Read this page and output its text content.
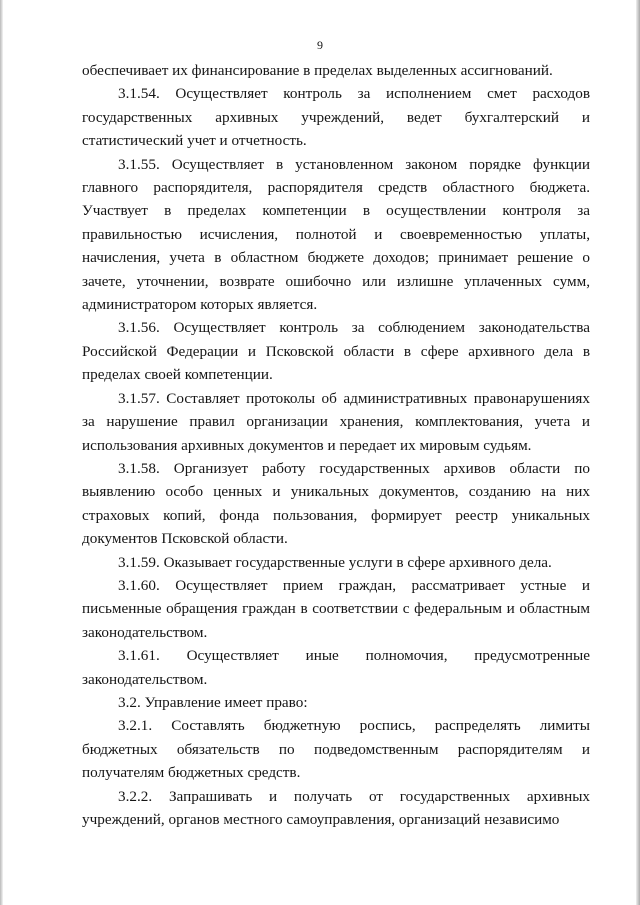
9

обеспечивает их финансирование в пределах выделенных ассигнований.

3.1.54. Осуществляет контроль за исполнением смет расходов государственных архивных учреждений, ведет бухгалтерский и статистический учет и отчетность.

3.1.55. Осуществляет в установленном законом порядке функции главного распорядителя, распорядителя средств областного бюджета. Участвует в пределах компетенции в осуществлении контроля за правильностью исчисления, полнотой и своевременностью уплаты, начисления, учета в областном бюджете доходов; принимает решение о зачете, уточнении, возврате ошибочно или излишне уплаченных сумм, администратором которых является.

3.1.56. Осуществляет контроль за соблюдением законодательства Российской Федерации и Псковской области в сфере архивного дела в пределах своей компетенции.

3.1.57. Составляет протоколы об административных правонарушениях за нарушение правил организации хранения, комплектования, учета и использования архивных документов и передает их мировым судьям.

3.1.58. Организует работу государственных архивов области по выявлению особо ценных и уникальных документов, созданию на них страховых копий, фонда пользования, формирует реестр уникальных документов Псковской области.

3.1.59. Оказывает государственные услуги в сфере архивного дела.

3.1.60. Осуществляет прием граждан, рассматривает устные и письменные обращения граждан в соответствии с федеральным и областным законодательством.

3.1.61. Осуществляет иные полномочия, предусмотренные законодательством.

3.2. Управление имеет право:

3.2.1. Составлять бюджетную роспись, распределять лимиты бюджетных обязательств по подведомственным распорядителям и получателям бюджетных средств.

3.2.2. Запрашивать и получать от государственных архивных учреждений, органов местного самоуправления, организаций независимо
